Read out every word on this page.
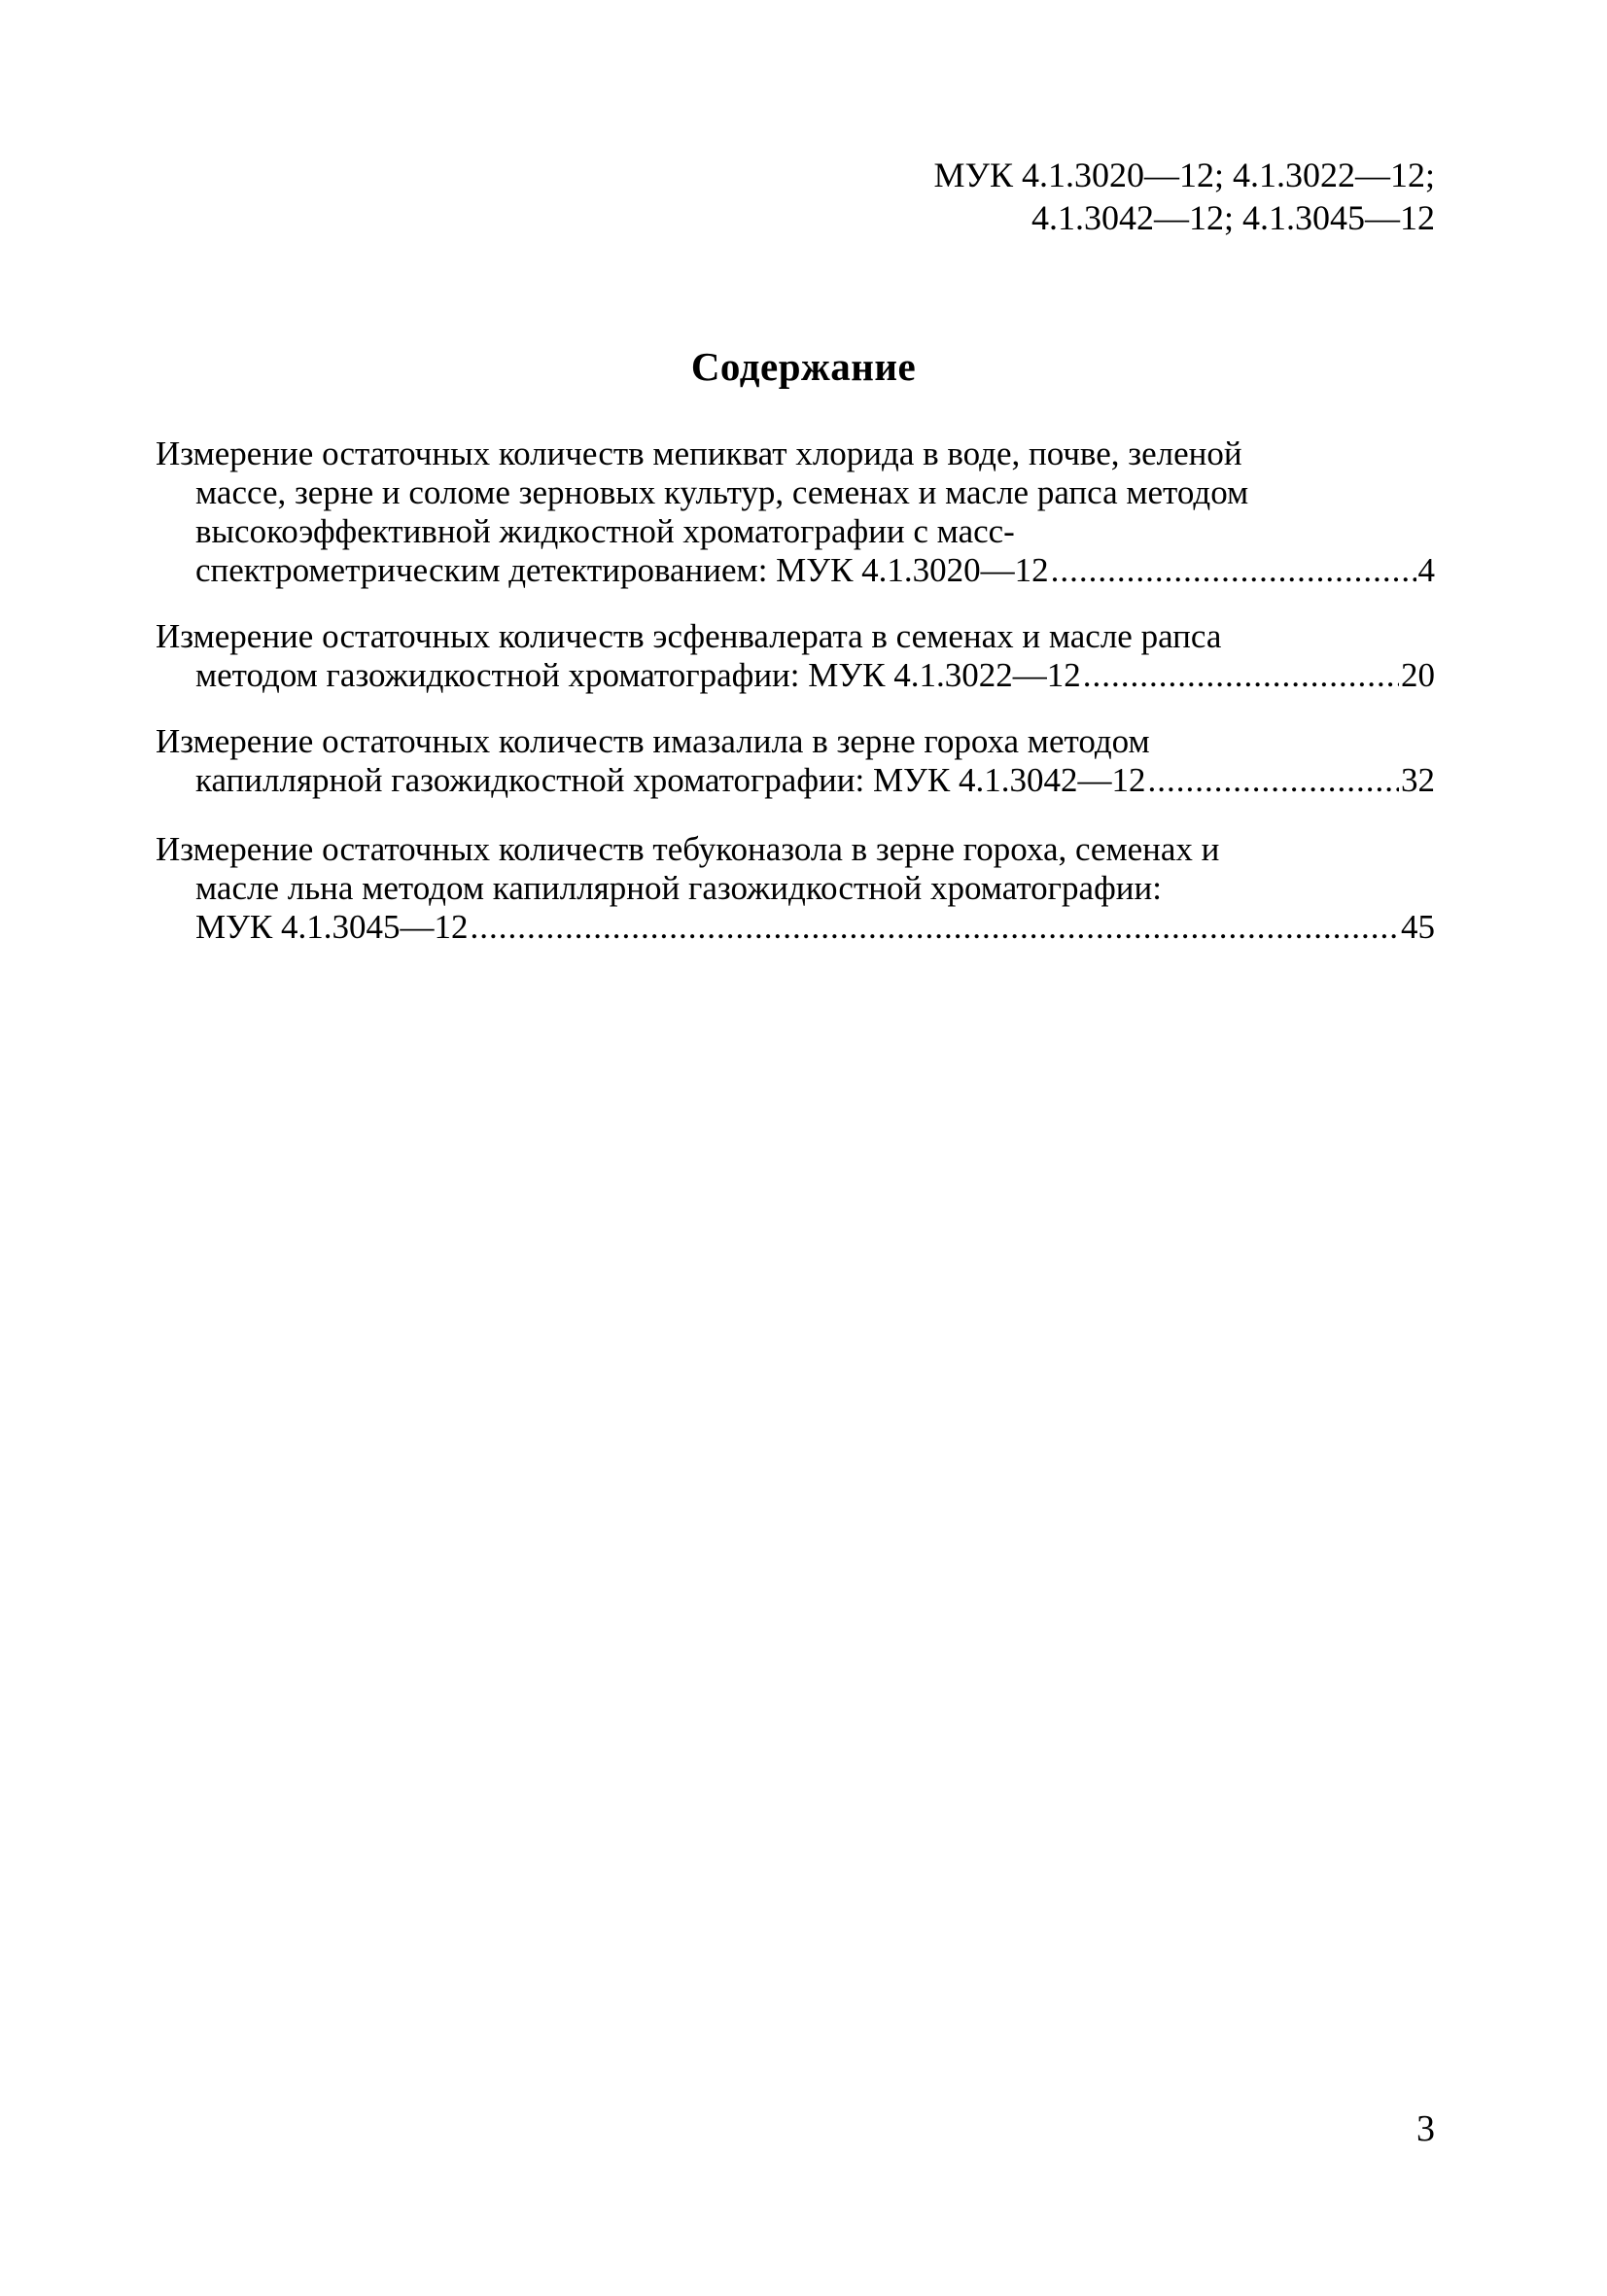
МУК 4.1.3020—12; 4.1.3022—12;
4.1.3042—12; 4.1.3045—12
Содержание
Измерение остаточных количеств мепикват хлорида в воде, почве, зеленой
массе, зерне и соломе зерновых культур, семенах и масле рапса методом
высокоэффективной жидкостной хроматографии с масс-
спектрометрическим детектированием: МУК 4.1.3020—12 .....	4
Измерение остаточных количеств эсфенвалерата в семенах и масле рапса
методом газожидкостной хроматографии: МУК 4.1.3022—12 .....	20
Измерение остаточных количеств имазалила в зерне гороха методом
капиллярной газожидкостной хроматографии: МУК 4.1.3042—12 .....	32
Измерение остаточных количеств тебуконазола в зерне гороха, семенах и
масле льна методом капиллярной газожидкостной хроматографии:
МУК 4.1.3045—12 .....	45
3
